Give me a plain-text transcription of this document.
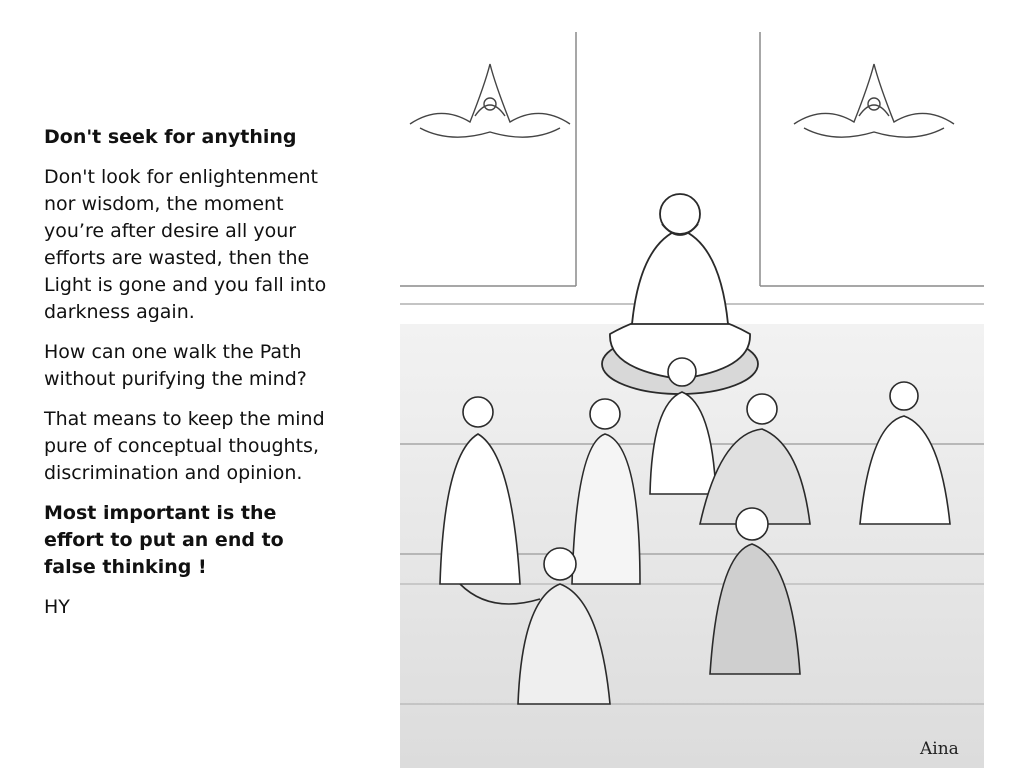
Don't seek for anything

Don't look for enlightenment nor wisdom, the moment you’re after desire all your efforts are wasted, then the Light is gone and you fall into darkness again.

How can one walk the Path without purifying the mind?

That means to keep the mind pure of conceptual thoughts, discrimination and opinion.

Most important is the effort to put an end to false thinking !

HY

Aina
